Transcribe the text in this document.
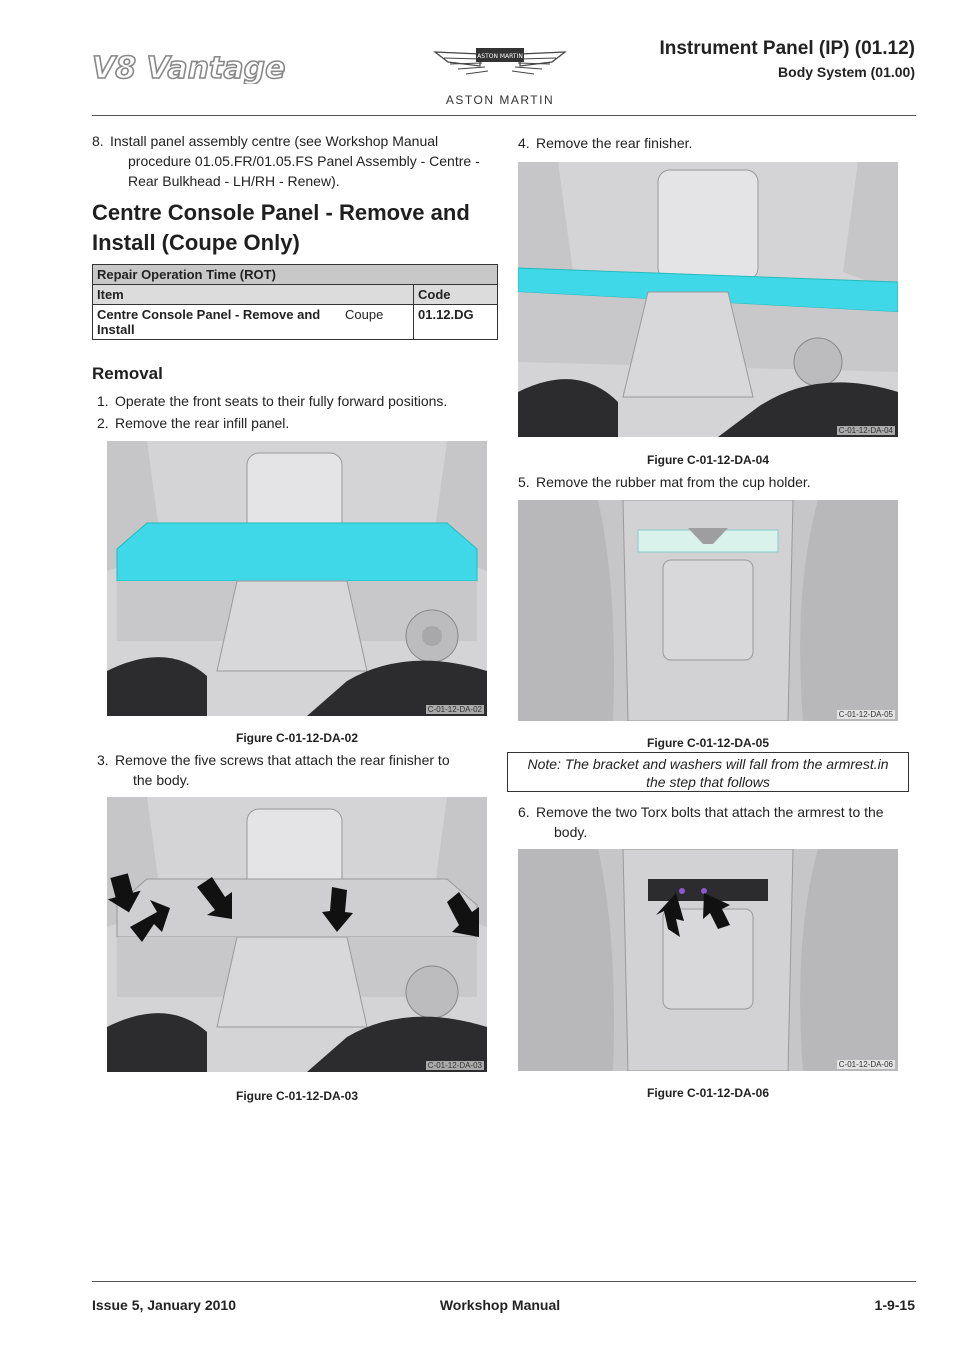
V8 Vantage	ASTON MARTIN
ASTON MARTIN
Instrument Panel (IP) (01.12)
Body System (01.00)
8. Install panel assembly centre (see Workshop Manual
procedure 01.05.FR/01.05.FS Panel Assembly - Centre -
Rear Bulkhead - LH/RH - Renew).
Centre Console Panel - Remove and
Install (Coupe Only)
Repair Operation Time (ROT)		
Item		Code

Centre Console Panel - Remove and
Install	Coupe	01.12.DG
Removal
1. Operate the front seats to their fully forward positions.
2. Remove the rear infill panel.
C-01-12-DA-02
Figure C-01-12-DA-02
3. Remove the five screws that attach the rear finisher to
the body.
C-01-12-DA-03
Figure C-01-12-DA-03
4. Remove the rear finisher.
C-01-12-DA-04
Figure C-01-12-DA-04
5. Remove the rubber mat from the cup holder.
C-01-12-DA-05
Figure C-01-12-DA-05
Note: The bracket and washers will fall from the armrest.in
the step that follows
6. Remove the two Torx bolts that attach the armrest to the
body.
C-01-12-DA-06
Figure C-01-12-DA-06
Issue 5, January 2010	Workshop Manual	1-9-15
